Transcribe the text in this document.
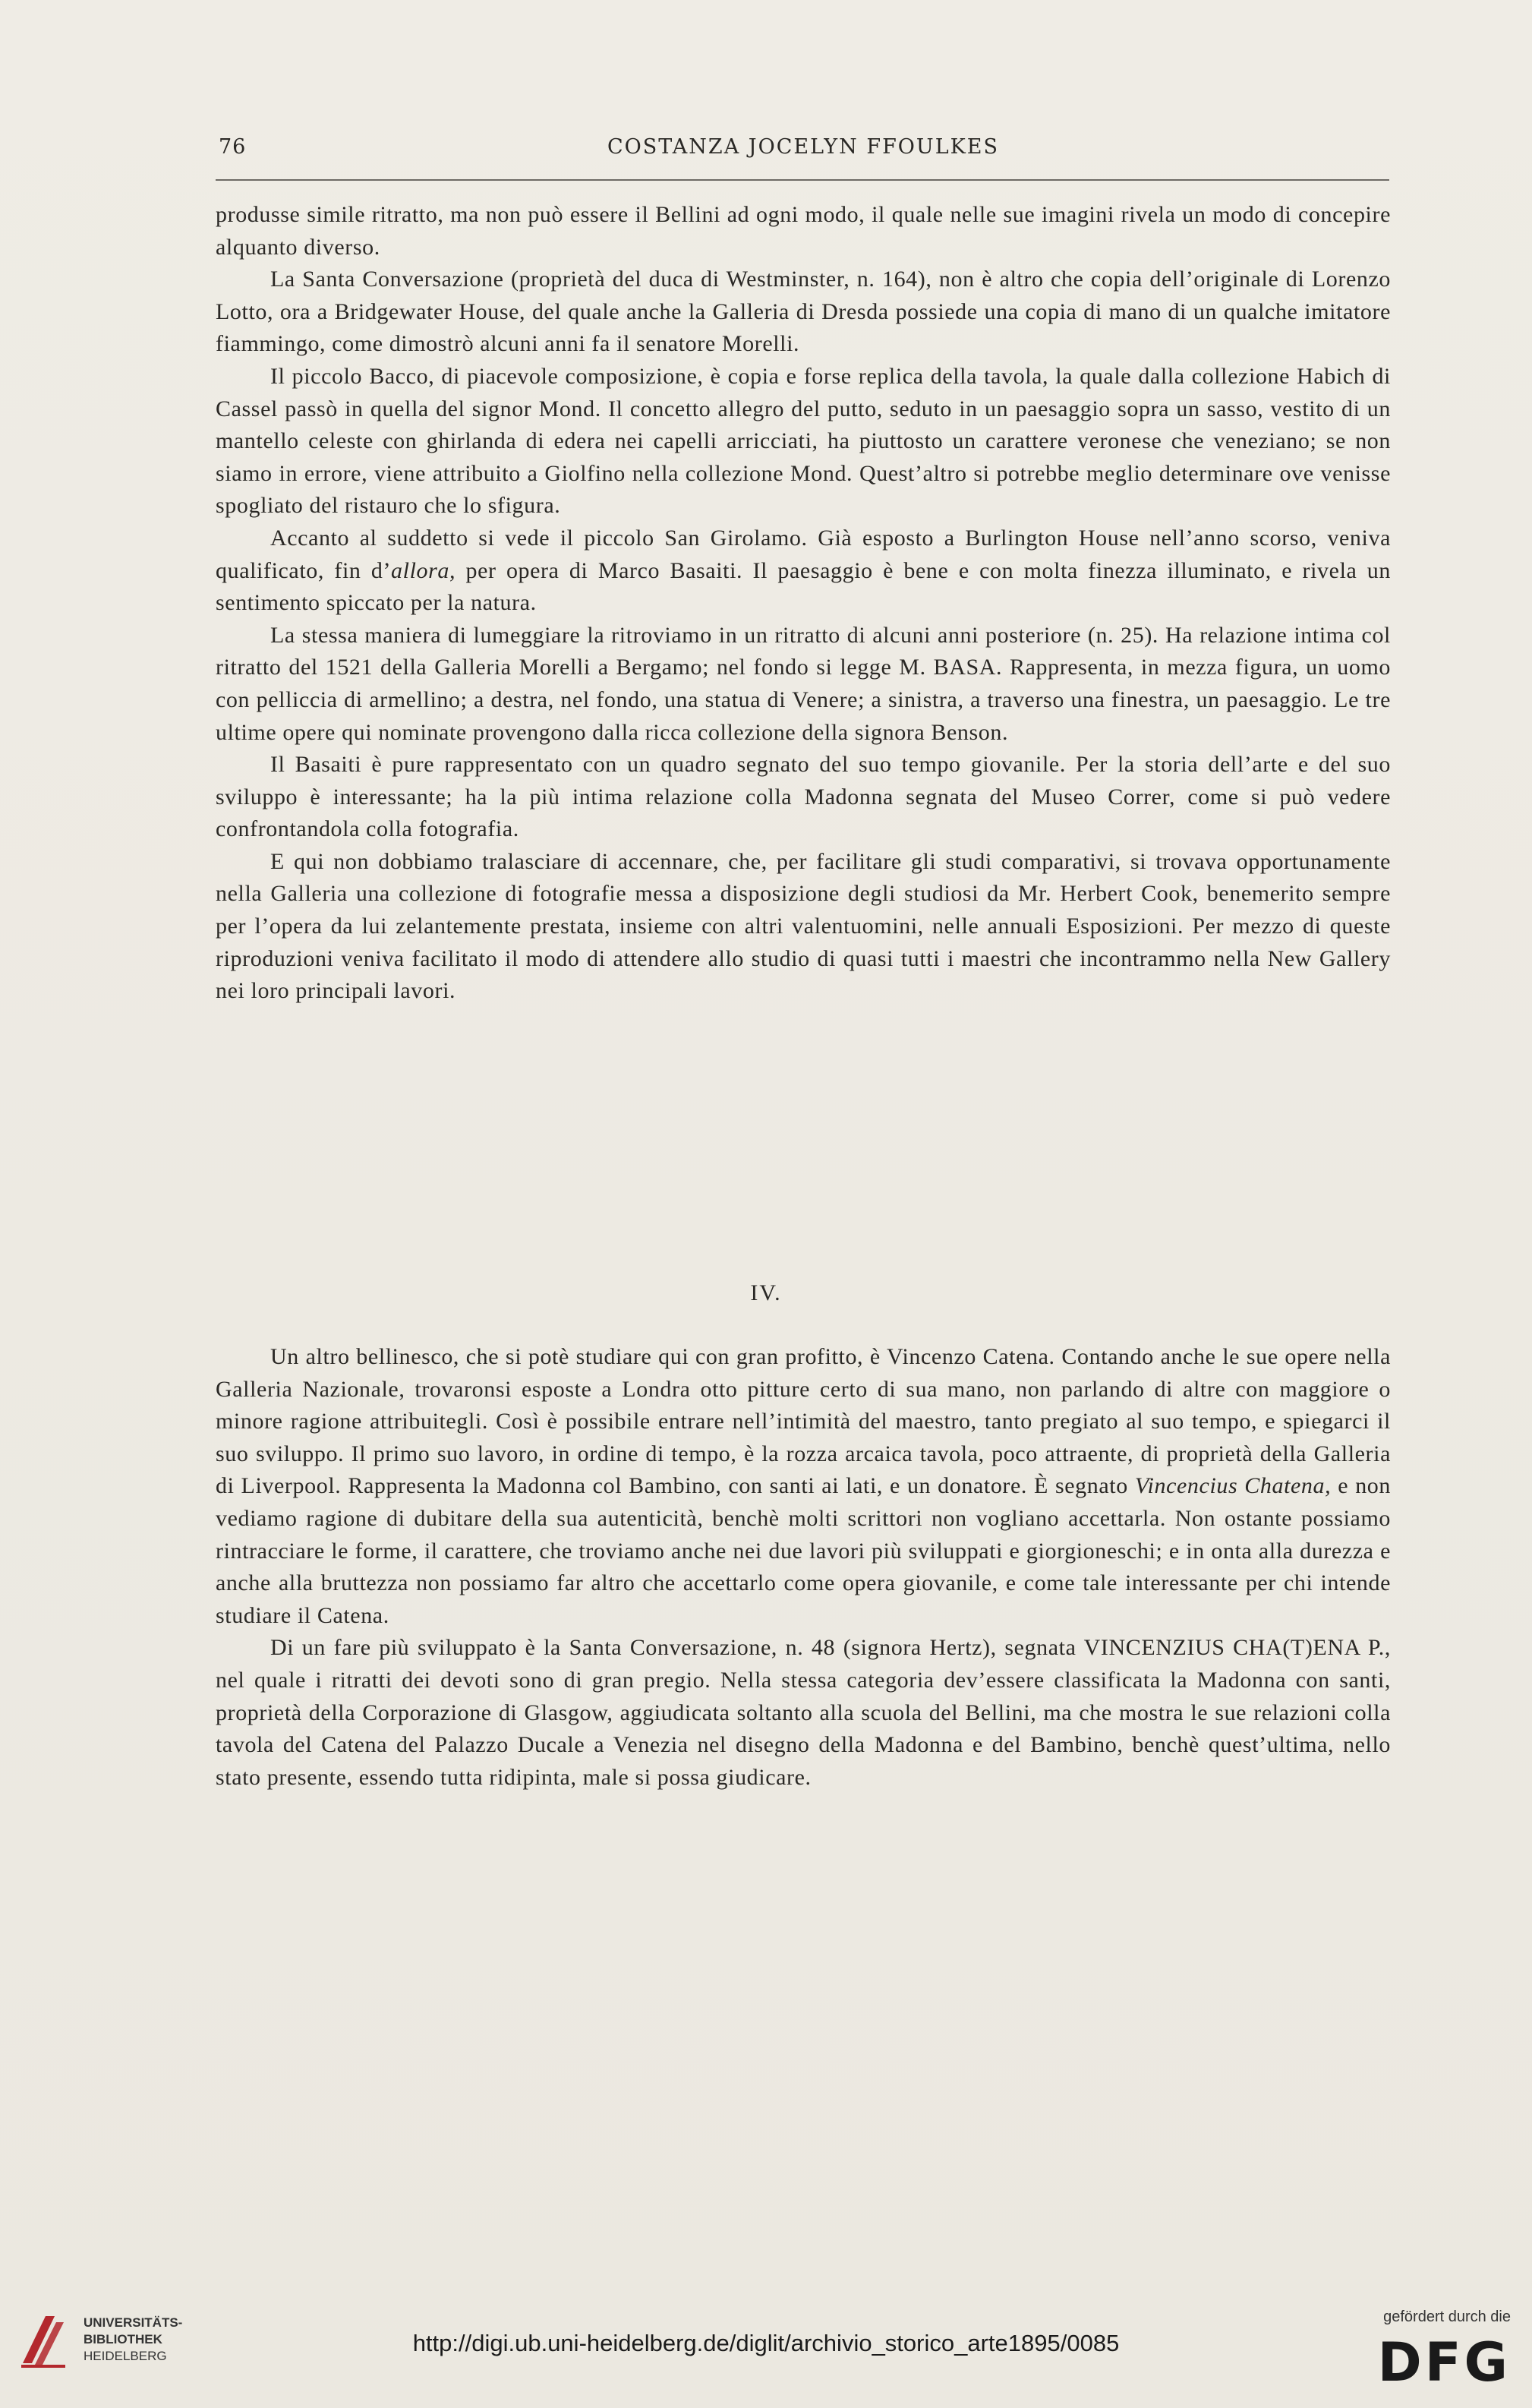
76	COSTANZA JOCELYN FFOULKES

produsse simile ritratto, ma non può essere il Bellini ad ogni modo, il quale nelle sue imagini rivela un modo di concepire alquanto diverso.

La Santa Conversazione (proprietà del duca di Westminster, n. 164), non è altro che copia dell’originale di Lorenzo Lotto, ora a Bridgewater House, del quale anche la Galleria di Dresda possiede una copia di mano di un qualche imitatore fiammingo, come dimostrò alcuni anni fa il senatore Morelli.

Il piccolo Bacco, di piacevole composizione, è copia e forse replica della tavola, la quale dalla collezione Habich di Cassel passò in quella del signor Mond. Il concetto allegro del putto, seduto in un paesaggio sopra un sasso, vestito di un mantello celeste con ghirlanda di edera nei capelli arricciati, ha piuttosto un carattere veronese che veneziano; se non siamo in errore, viene attribuito a Giolfino nella collezione Mond. Quest’altro si potrebbe meglio determinare ove venisse spogliato del ristauro che lo sfigura.

Accanto al suddetto si vede il piccolo San Girolamo. Già esposto a Burlington House nell’anno scorso, veniva qualificato, fin d’allora, per opera di Marco Basaiti. Il paesaggio è bene e con molta finezza illuminato, e rivela un sentimento spiccato per la natura.

La stessa maniera di lumeggiare la ritroviamo in un ritratto di alcuni anni posteriore (n. 25). Ha relazione intima col ritratto del 1521 della Galleria Morelli a Bergamo; nel fondo si legge M. BASA. Rappresenta, in mezza figura, un uomo con pelliccia di armellino; a destra, nel fondo, una statua di Venere; a sinistra, a traverso una finestra, un paesaggio. Le tre ultime opere qui nominate provengono dalla ricca collezione della signora Benson.

Il Basaiti è pure rappresentato con un quadro segnato del suo tempo giovanile. Per la storia dell’arte e del suo sviluppo è interessante; ha la più intima relazione colla Madonna segnata del Museo Correr, come si può vedere confrontandola colla fotografia.

E qui non dobbiamo tralasciare di accennare, che, per facilitare gli studi comparativi, si trovava opportunamente nella Galleria una collezione di fotografie messa a disposizione degli studiosi da Mr. Herbert Cook, benemerito sempre per l’opera da lui zelantemente prestata, insieme con altri valentuomini, nelle annuali Esposizioni. Per mezzo di queste riproduzioni veniva facilitato il modo di attendere allo studio di quasi tutti i maestri che incontrammo nella New Gallery nei loro principali lavori.

IV.

Un altro bellinesco, che si potè studiare qui con gran profitto, è Vincenzo Catena. Contando anche le sue opere nella Galleria Nazionale, trovaronsi esposte a Londra otto pitture certo di sua mano, non parlando di altre con maggiore o minore ragione attribuitegli. Così è possibile entrare nell’intimità del maestro, tanto pregiato al suo tempo, e spiegarci il suo sviluppo. Il primo suo lavoro, in ordine di tempo, è la rozza arcaica tavola, poco attraente, di proprietà della Galleria di Liverpool. Rappresenta la Madonna col Bambino, con santi ai lati, e un donatore. È segnato Vincencius Chatena, e non vediamo ragione di dubitare della sua autenticità, benchè molti scrittori non vogliano accettarla. Non ostante possiamo rintracciare le forme, il carattere, che troviamo anche nei due lavori più sviluppati e giorgioneschi; e in onta alla durezza e anche alla bruttezza non possiamo far altro che accettarlo come opera giovanile, e come tale interessante per chi intende studiare il Catena.

Di un fare più sviluppato è la Santa Conversazione, n. 48 (signora Hertz), segnata VINCENZIUS CHA(T)ENA P., nel quale i ritratti dei devoti sono di gran pregio. Nella stessa categoria dev’essere classificata la Madonna con santi, proprietà della Corporazione di Glasgow, aggiudicata soltanto alla scuola del Bellini, ma che mostra le sue relazioni colla tavola del Catena del Palazzo Ducale a Venezia nel disegno della Madonna e del Bambino, benchè quest’ultima, nello stato presente, essendo tutta ridipinta, male si possa giudicare.

UNIVERSITÄTS-
BIBLIOTHEK
HEIDELBERG	http://digi.ub.uni-heidelberg.de/diglit/archivio_storico_arte1895/0085
gefördert durch die
DFG
